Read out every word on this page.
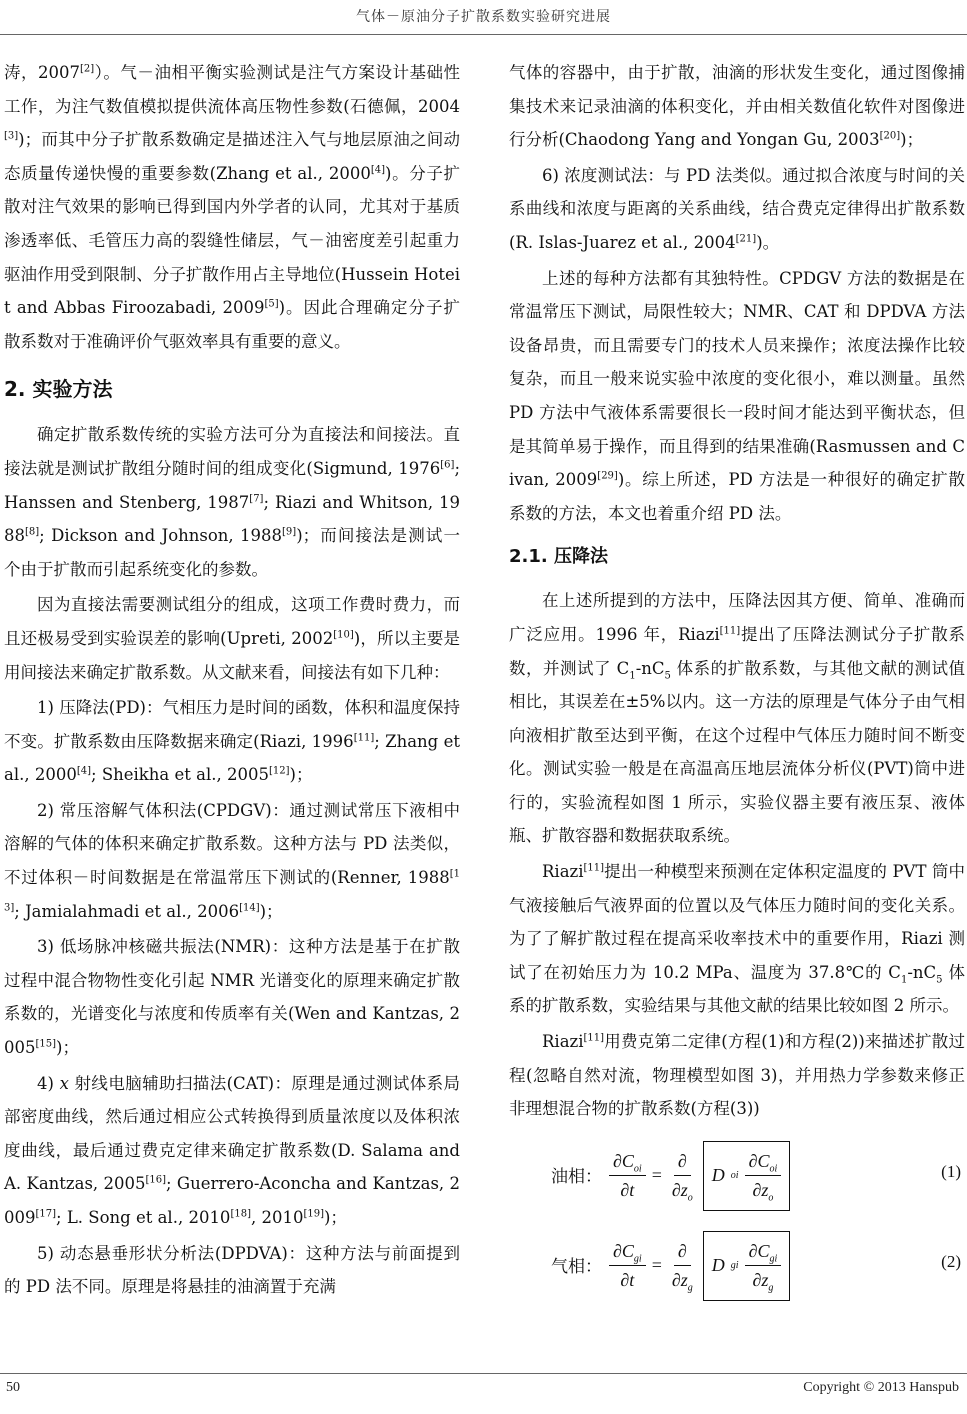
气体－原油分子扩散系数实验研究进展

涛，2007[2]）。气－油相平衡实验测试是注气方案设计基础性工作，为注气数值模拟提供流体高压物性参数(石德佩，2004[3])；而其中分子扩散系数确定是描述注入气与地层原油之间动态质量传递快慢的重要参数(Zhang et al., 2000[4])。分子扩散对注气效果的影响已得到国内外学者的认同，尤其对于基质渗透率低、毛管压力高的裂缝性储层，气－油密度差引起重力驱油作用受到限制、分子扩散作用占主导地位(Hussein Hoteit and Abbas Firoozabadi, 2009[5])。因此合理确定分子扩散系数对于准确评价气驱效率具有重要的意义。

2. 实验方法

确定扩散系数传统的实验方法可分为直接法和间接法。直接法就是测试扩散组分随时间的组成变化(Sigmund, 1976[6]; Hanssen and Stenberg, 1987[7]; Riazi and Whitson, 1988[8]; Dickson and Johnson, 1988[9])；而间接法是测试一个由于扩散而引起系统变化的参数。

因为直接法需要测试组分的组成，这项工作费时费力，而且还极易受到实验误差的影响(Upreti, 2002[10])，所以主要是用间接法来确定扩散系数。从文献来看，间接法有如下几种：

1) 压降法(PD)：气相压力是时间的函数，体积和温度保持不变。扩散系数由压降数据来确定(Riazi, 1996[11]; Zhang et al., 2000[4]; Sheikha et al., 2005[12])；

2) 常压溶解气体积法(CPDGV)：通过测试常压下液相中溶解的气体的体积来确定扩散系数。这种方法与 PD 法类似，不过体积－时间数据是在常温常压下测试的(Renner, 1988[13]; Jamialahmadi et al., 2006[14])；

3) 低场脉冲核磁共振法(NMR)：这种方法是基于在扩散过程中混合物物性变化引起 NMR 光谱变化的原理来确定扩散系数的，光谱变化与浓度和传质率有关(Wen and Kantzas, 2005[15])；

4) x 射线电脑辅助扫描法(CAT)：原理是通过测试体系局部密度曲线，然后通过相应公式转换得到质量浓度以及体积浓度曲线，最后通过费克定律来确定扩散系数(D. Salama and A. Kantzas, 2005[16]; Guerrero-Aconcha and Kantzas, 2009[17]; L. Song et al., 2010[18], 2010[19])；

5) 动态悬垂形状分析法(DPDVA)：这种方法与前面提到的 PD 法不同。原理是将悬挂的油滴置于充满

气体的容器中，由于扩散，油滴的形状发生变化，通过图像捕集技术来记录油滴的体积变化，并由相关数值化软件对图像进行分析(Chaodong Yang and Yongan Gu, 2003[20])；

6) 浓度测试法：与 PD 法类似。通过拟合浓度与时间的关系曲线和浓度与距离的关系曲线，结合费克定律得出扩散系数(R. Islas-Juarez et al., 2004[21])。

上述的每种方法都有其独特性。CPDGV 方法的数据是在常温常压下测试，局限性较大；NMR、CAT 和 DPDVA 方法设备昂贵，而且需要专门的技术人员来操作；浓度法操作比较复杂，而且一般来说实验中浓度的变化很小，难以测量。虽然 PD 方法中气液体系需要很长一段时间才能达到平衡状态，但是其简单易于操作，而且得到的结果准确(Rasmussen and Civan, 2009[29])。综上所述，PD 方法是一种很好的确定扩散系数的方法，本文也着重介绍 PD 法。

2.1. 压降法

在上述所提到的方法中，压降法因其方便、简单、准确而广泛应用。1996 年，Riazi[11]提出了压降法测试分子扩散系数，并测试了 $C_1-nC_5$ 体系的扩散系数，与其他文献的测试值相比，其误差在±5%以内。这一方法的原理是气体分子由气相向液相扩散至达到平衡，在这个过程中气体压力随时间不断变化。测试实验一般是在高温高压地层流体分析仪(PVT)筒中进行的，实验流程如图 1 所示，实验仪器主要有液压泵、液体瓶、扩散容器和数据获取系统。

Riazi[11]提出一种模型来预测在定体积定温度的 PVT 筒中气液接触后气液界面的位置以及气体压力随时间的变化关系。为了了解扩散过程在提高采收率技术中的重要作用，Riazi 测试了在初始压力为 10.2 MPa、温度为 37.8℃的 $C_1-nC_5$ 体系的扩散系数，实验结果与其他文献的结果比较如图 2 所示。

Riazi[11]用费克第二定律(方程(1)和方程(2))来描述扩散过程(忽略自然对流，物理模型如图 3)，并用热力学参数来修正非理想混合物的扩散系数(方程(3))

油相： $\frac{\partial C_{oi}}{\partial t} = \frac{\partial}{\partial z_o}$ D oi $\frac{\partial C_{oi}}{\partial z_o}$	(1)
气相： $\frac{\partial C_{gi}}{\partial t} = \frac{\partial}{\partial z_g}$ D gi $\frac{\partial C_{gi}}{\partial z_g}$	(2)
50	Copyright © 2013 Hanspub
